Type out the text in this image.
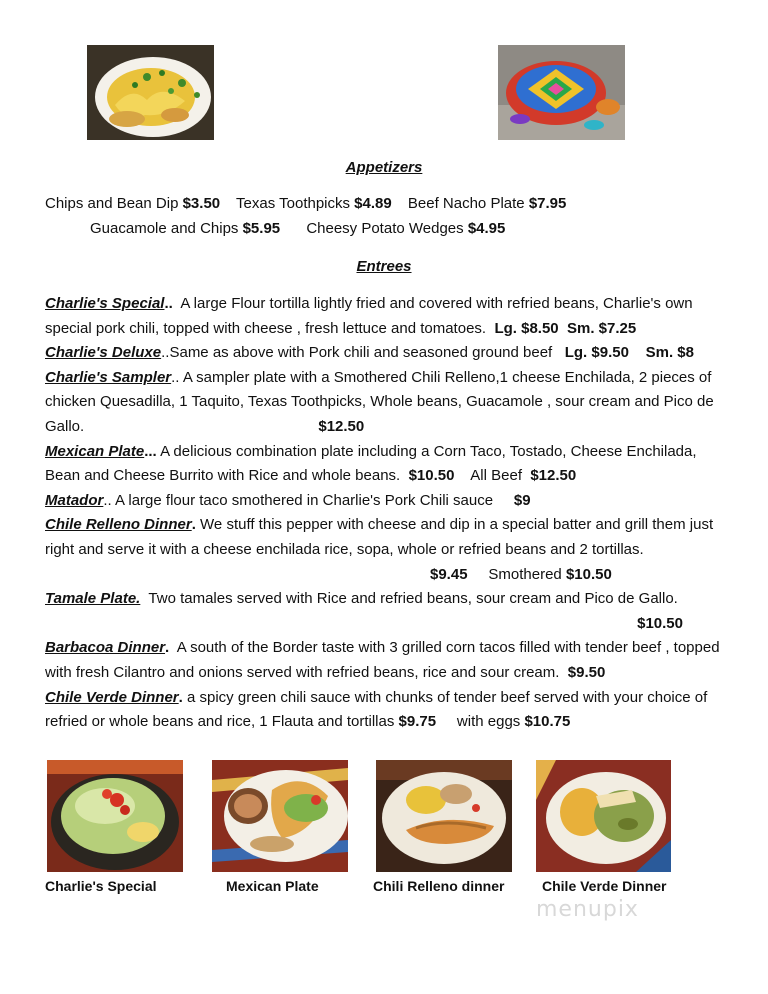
Appetizers
Chips and Bean Dip $3.50 Texas Toothpicks $4.89 Beef Nacho Plate $7.95
Guacamole and Chips $5.95 Cheesy Potato Wedges $4.95
Entrees

Charlie's Special.. A large Flour tortilla lightly fried and covered with refried beans, Charlie's own special pork chili, topped with cheese , fresh lettuce and tomatoes. Lg. $8.50 Sm. $7.25

Charlie's Deluxe..Same as above with Pork chili and seasoned ground beef Lg. $9.50 Sm. $8

Charlie's Sampler.. A sampler plate with a Smothered Chili Relleno,1 cheese Enchilada, 2 pieces of chicken Quesadilla, 1 Taquito, Texas Toothpicks, Whole beans, Guacamole , sour cream and Pico de Gallo.	$12.50

Mexican Plate... A delicious combination plate including a Corn Taco, Tostado, Cheese Enchilada, Bean and Cheese Burrito with Rice and whole beans. $10.50 All Beef $12.50

Matador.. A large flour taco smothered in Charlie's Pork Chili sauce $9

Chile Relleno Dinner. We stuff this pepper with cheese and dip in a special batter and grill them just right and serve it with a cheese enchilada rice, sopa, whole or refried beans and 2 tortillas. $9.45 Smothered $10.50

Tamale Plate. Two tamales served with Rice and refried beans, sour cream and Pico de Gallo.
$10.50

Barbacoa Dinner. A south of the Border taste with 3 grilled corn tacos filled with tender beef , topped with fresh Cilantro and onions served with refried beans, rice and sour cream. $9.50

Chile Verde Dinner. a spicy green chili sauce with chunks of tender beef served with your choice of refried or whole beans and rice, 1 Flauta and tortillas $9.75 with eggs $10.75

Charlie's Special	Mexican Plate	Chili Relleno dinner	Chile Verde Dinner
menupix
